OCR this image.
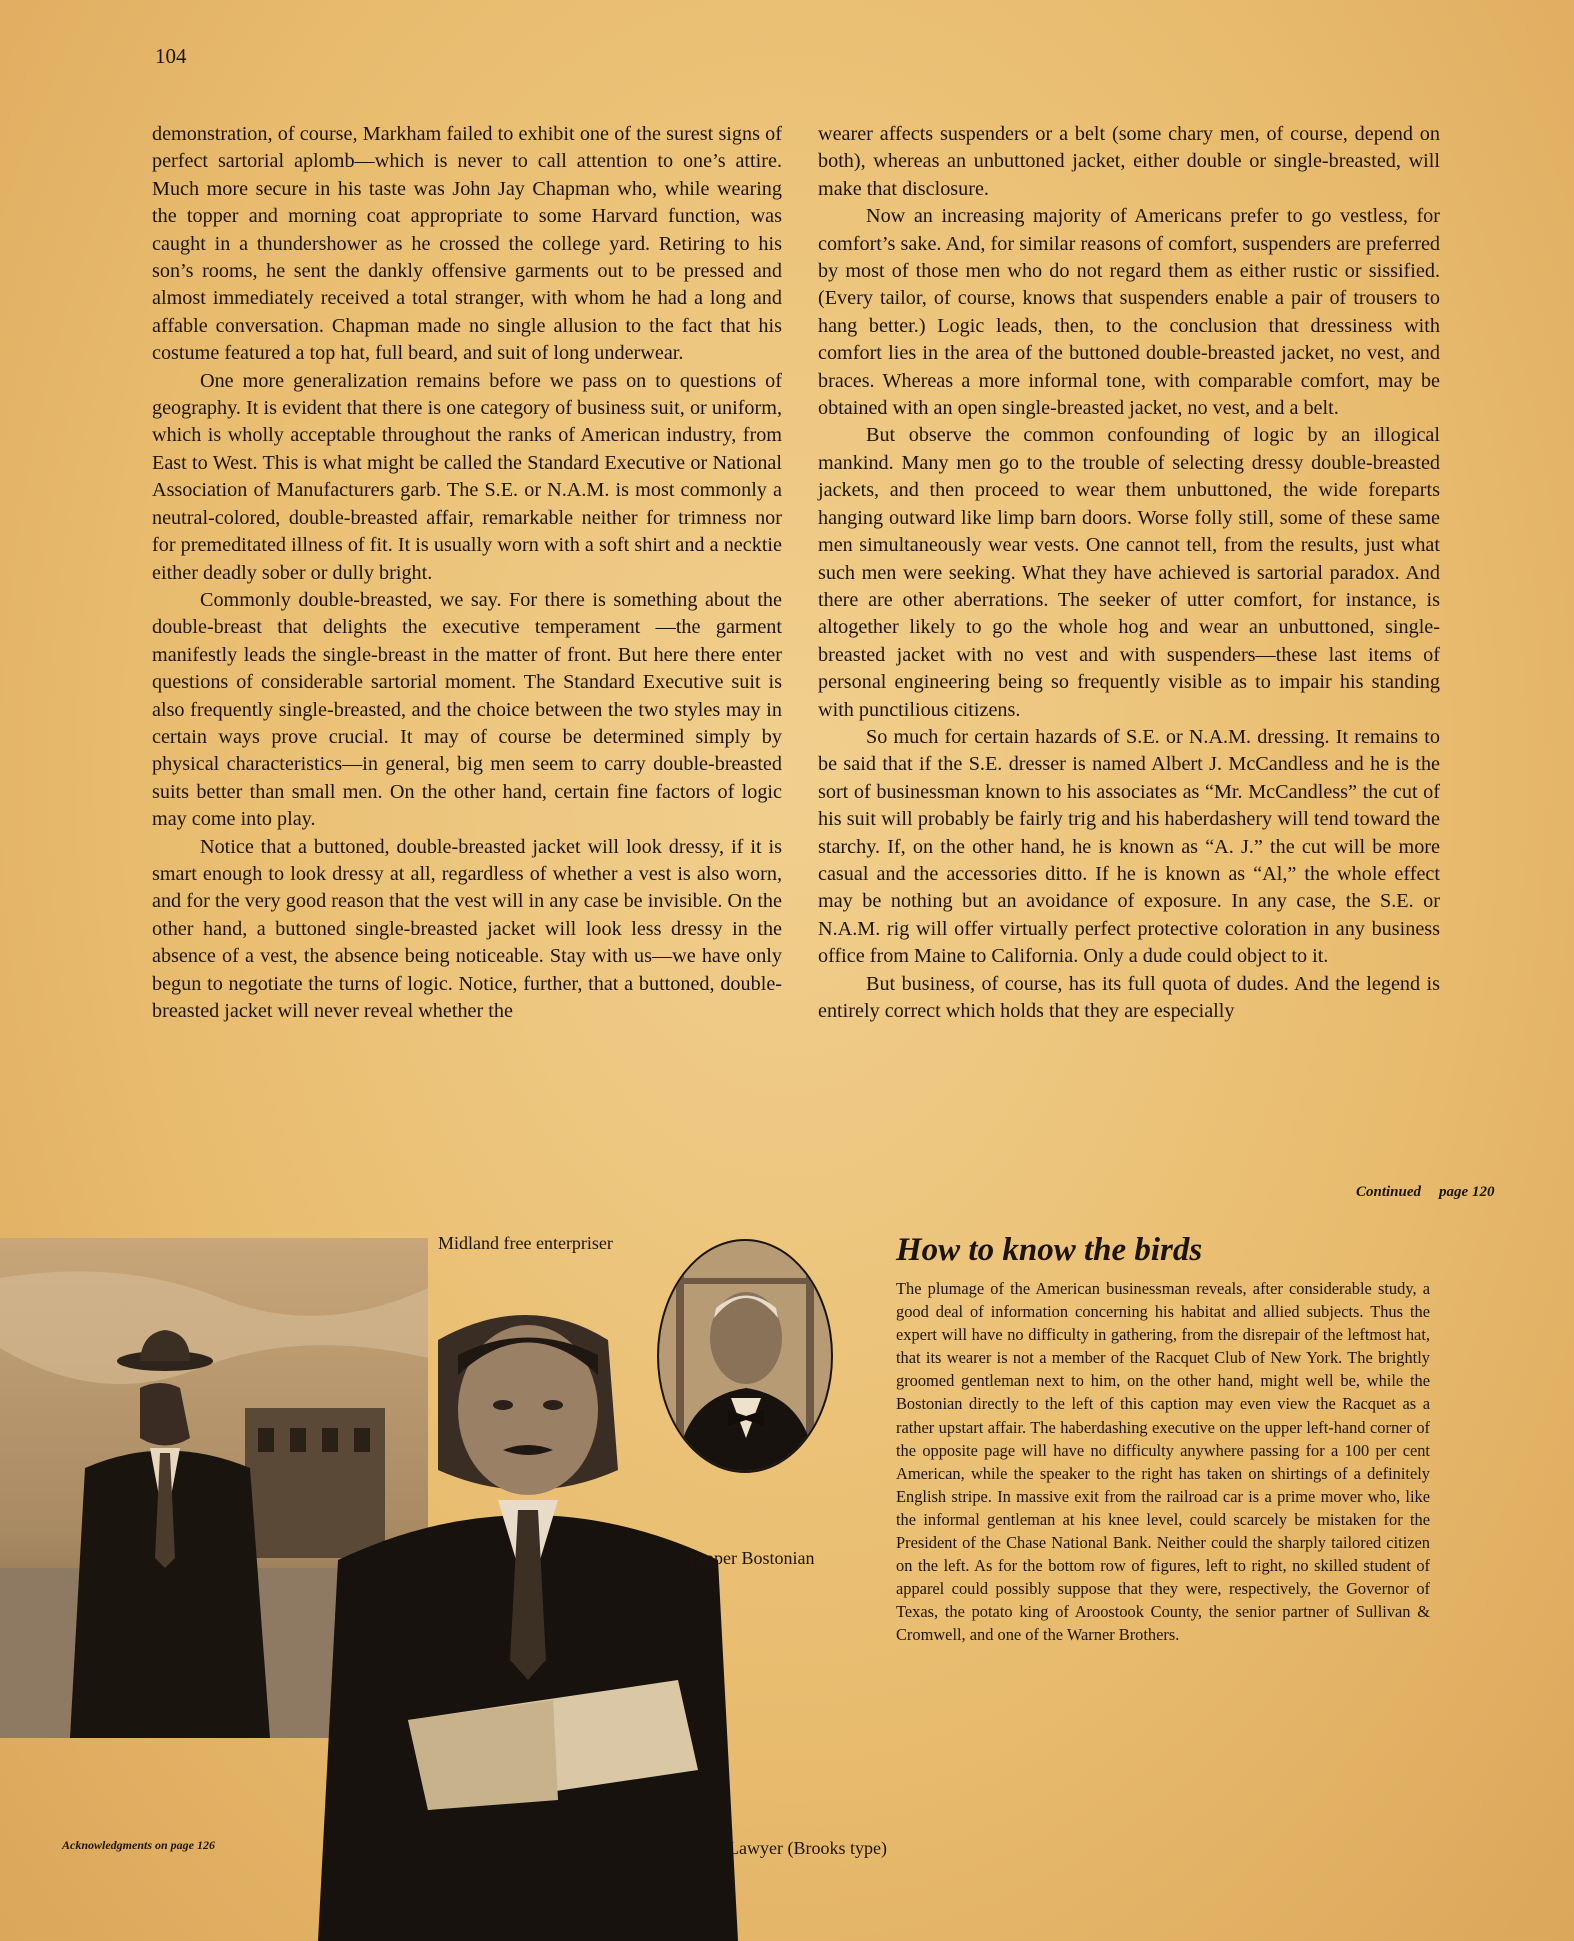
104

demonstration, of course, Markham failed to exhibit one of the surest signs of perfect sartorial aplomb—which is never to call attention to one’s attire. Much more secure in his taste was John Jay Chapman who, while wearing the topper and morning coat appropriate to some Harvard function, was caught in a thundershower as he crossed the college yard. Retiring to his son’s rooms, he sent the dankly offensive garments out to be pressed and almost immediately received a total stranger, with whom he had a long and affable conversation. Chapman made no single allusion to the fact that his costume featured a top hat, full beard, and suit of long underwear.

One more generalization remains before we pass on to questions of geography. It is evident that there is one category of business suit, or uniform, which is wholly acceptable throughout the ranks of American industry, from East to West. This is what might be called the Standard Executive or National Association of Manufacturers garb. The S.E. or N.A.M. is most commonly a neutral-colored, double-breasted affair, remarkable neither for trimness nor for premeditated illness of fit. It is usually worn with a soft shirt and a necktie either deadly sober or dully bright.

Commonly double-breasted, we say. For there is something about the double-breast that delights the executive temperament —the garment manifestly leads the single-breast in the matter of front. But here there enter questions of considerable sartorial moment. The Standard Executive suit is also frequently single-breasted, and the choice between the two styles may in certain ways prove crucial. It may of course be determined simply by physical characteristics—in general, big men seem to carry double-breasted suits better than small men. On the other hand, certain fine factors of logic may come into play.

Notice that a buttoned, double-breasted jacket will look dressy, if it is smart enough to look dressy at all, regardless of whether a vest is also worn, and for the very good reason that the vest will in any case be invisible. On the other hand, a buttoned single-breasted jacket will look less dressy in the absence of a vest, the absence being noticeable. Stay with us—we have only begun to negotiate the turns of logic. Notice, further, that a buttoned, double-breasted jacket will never reveal whether the

wearer affects suspenders or a belt (some chary men, of course, depend on both), whereas an unbuttoned jacket, either double or single-breasted, will make that disclosure.

Now an increasing majority of Americans prefer to go vestless, for comfort’s sake. And, for similar reasons of comfort, suspenders are preferred by most of those men who do not regard them as either rustic or sissified. (Every tailor, of course, knows that suspenders enable a pair of trousers to hang better.) Logic leads, then, to the conclusion that dressiness with comfort lies in the area of the buttoned double-breasted jacket, no vest, and braces. Whereas a more informal tone, with comparable comfort, may be obtained with an open single-breasted jacket, no vest, and a belt.

But observe the common confounding of logic by an illogical mankind. Many men go to the trouble of selecting dressy double-breasted jackets, and then proceed to wear them unbuttoned, the wide foreparts hanging outward like limp barn doors. Worse folly still, some of these same men simultaneously wear vests. One cannot tell, from the results, just what such men were seeking. What they have achieved is sartorial paradox. And there are other aberrations. The seeker of utter comfort, for instance, is altogether likely to go the whole hog and wear an unbuttoned, single-breasted jacket with no vest and with suspenders—these last items of personal engineering being so frequently visible as to impair his standing with punctilious citizens.

So much for certain hazards of S.E. or N.A.M. dressing. It remains to be said that if the S.E. dresser is named Albert J. McCandless and he is the sort of businessman known to his associates as “Mr. McCandless” the cut of his suit will probably be fairly trig and his haberdashery will tend toward the starchy. If, on the other hand, he is known as “A. J.” the cut will be more casual and the accessories ditto. If he is known as “Al,” the whole effect may be nothing but an avoidance of exposure. In any case, the S.E. or N.A.M. rig will offer virtually perfect protective coloration in any business office from Maine to California. Only a dude could object to it.

But business, of course, has its full quota of dudes. And the legend is entirely correct which holds that they are especially

Continued page 120
Midland free enterpriser
Proper Bostonian
Lawyer (Brooks type)
How to know the birds

The plumage of the American businessman reveals, after considerable study, a good deal of information concerning his habitat and allied subjects. Thus the expert will have no difficulty in gathering, from the disrepair of the leftmost hat, that its wearer is not a member of the Racquet Club of New York. The brightly groomed gentleman next to him, on the other hand, might well be, while the Bostonian directly to the left of this caption may even view the Racquet as a rather upstart affair. The haberdashing executive on the upper left-hand corner of the opposite page will have no difficulty anywhere passing for a 100 per cent American, while the speaker to the right has taken on shirtings of a definitely English stripe. In massive exit from the railroad car is a prime mover who, like the informal gentleman at his knee level, could scarcely be mistaken for the President of the Chase National Bank. Neither could the sharply tailored citizen on the left. As for the bottom row of figures, left to right, no skilled student of apparel could possibly suppose that they were, respectively, the Governor of Texas, the potato king of Aroostook County, the senior partner of Sullivan & Cromwell, and one of the Warner Brothers.

Acknowledgments on page 126
